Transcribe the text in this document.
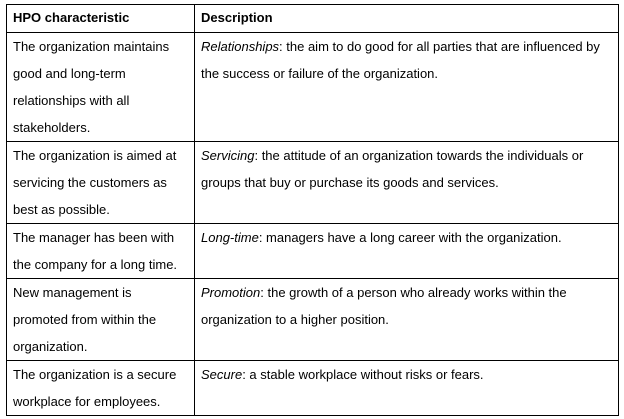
HPO characteristic	Description
The organization maintains good and long-term relationships with all stakeholders.	Relationships: the aim to do good for all parties that are influenced by the success or failure of the organization.
The organization is aimed at servicing the customers as best as possible.	Servicing: the attitude of an organization towards the individuals or groups that buy or purchase its goods and services.
The manager has been with the company for a long time.	Long-time: managers have a long career with the organization.
New management is promoted from within the organization.	Promotion: the growth of a person who already works within the organization to a higher position.
The organization is a secure workplace for employees.	Secure: a stable workplace without risks or fears.
